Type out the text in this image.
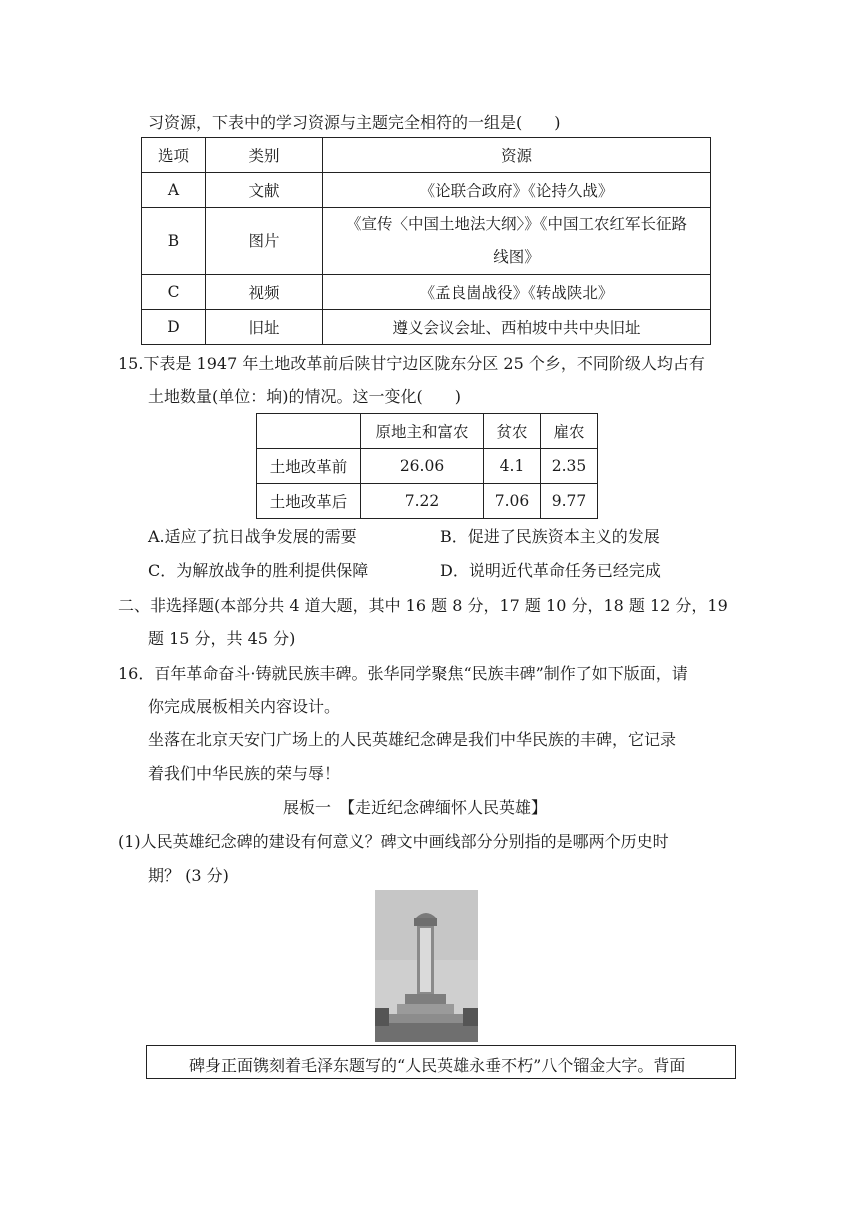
习资源，下表中的学习资源与主题完全相符的一组是(　　)
选项	类别	资源
A	文献	《论联合政府》《论持久战》
B	图片	《宣传〈中国土地法大纲〉》《中国工农红军长征路
线图》

C	视频	《孟良崮战役》《转战陕北》
D	旧址	遵义会议会址、西柏坡中共中央旧址
15.下表是 1947 年土地改革前后陕甘宁边区陇东分区 25 个乡，不同阶级人均占有
土地数量(单位：垧)的情况。这一变化(　　)
	原地主和富农	贫农	雇农
土地改革前	26.06	4.1	2.35
土地改革后	7.22	7.06	9.77
A.适应了抗日战争发展的需要	B．促进了民族资本主义的发展
C．为解放战争的胜利提供保障	D．说明近代革命任务已经完成
二、非选择题(本部分共 4 道大题，其中 16 题 8 分，17 题 10 分，18 题 12 分，19
题 15 分，共 45 分)
16．百年革命奋斗·铸就民族丰碑。张华同学聚焦“民族丰碑”制作了如下版面，请
你完成展板相关内容设计。
坐落在北京天安门广场上的人民英雄纪念碑是我们中华民族的丰碑，它记录
着我们中华民族的荣与辱！
展板一　【走近纪念碑缅怀人民英雄】
(1)人民英雄纪念碑的建设有何意义？碑文中画线部分分别指的是哪两个历史时
期？ (3 分)
碑身正面镌刻着毛泽东题写的“人民英雄永垂不朽”八个镏金大字。背面
